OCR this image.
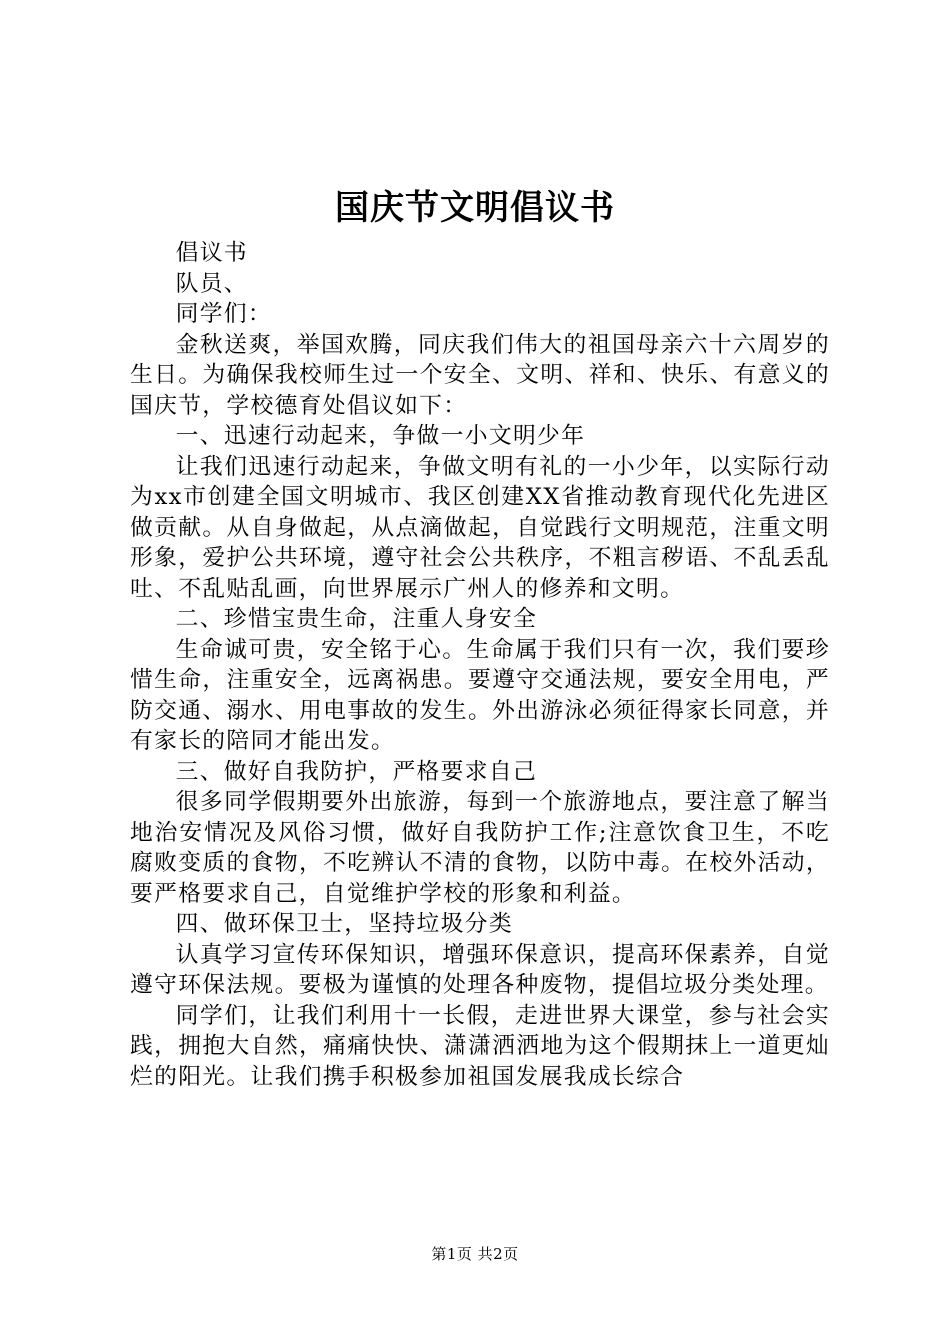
国庆节文明倡议书

倡议书

队员、

同学们：

金秋送爽，举国欢腾，同庆我们伟大的祖国母亲六十六周岁的生日。为确保我校师生过一个安全、文明、祥和、快乐、有意义的国庆节，学校德育处倡议如下：

一、迅速行动起来，争做一小文明少年

让我们迅速行动起来，争做文明有礼的一小少年，以实际行动为xx市创建全国文明城市、我区创建XX省推动教育现代化先进区做贡献。从自身做起，从点滴做起，自觉践行文明规范，注重文明形象，爱护公共环境，遵守社会公共秩序，不粗言秽语、不乱丢乱吐、不乱贴乱画，向世界展示广州人的修养和文明。

二、珍惜宝贵生命，注重人身安全

生命诚可贵，安全铭于心。生命属于我们只有一次，我们要珍惜生命，注重安全，远离祸患。要遵守交通法规，要安全用电，严防交通、溺水、用电事故的发生。外出游泳必须征得家长同意，并有家长的陪同才能出发。

三、做好自我防护，严格要求自己

很多同学假期要外出旅游，每到一个旅游地点，要注意了解当地治安情况及风俗习惯，做好自我防护工作;注意饮食卫生，不吃腐败变质的食物，不吃辨认不清的食物，以防中毒。在校外活动，要严格要求自己，自觉维护学校的形象和利益。

四、做环保卫士，坚持垃圾分类

认真学习宣传环保知识，增强环保意识，提高环保素养，自觉遵守环保法规。要极为谨慎的处理各种废物，提倡垃圾分类处理。

同学们，让我们利用十一长假，走进世界大课堂，参与社会实践，拥抱大自然，痛痛快快、潇潇洒洒地为这个假期抹上一道更灿烂的阳光。让我们携手积极参加祖国发展我成长综合

第1页 共2页
